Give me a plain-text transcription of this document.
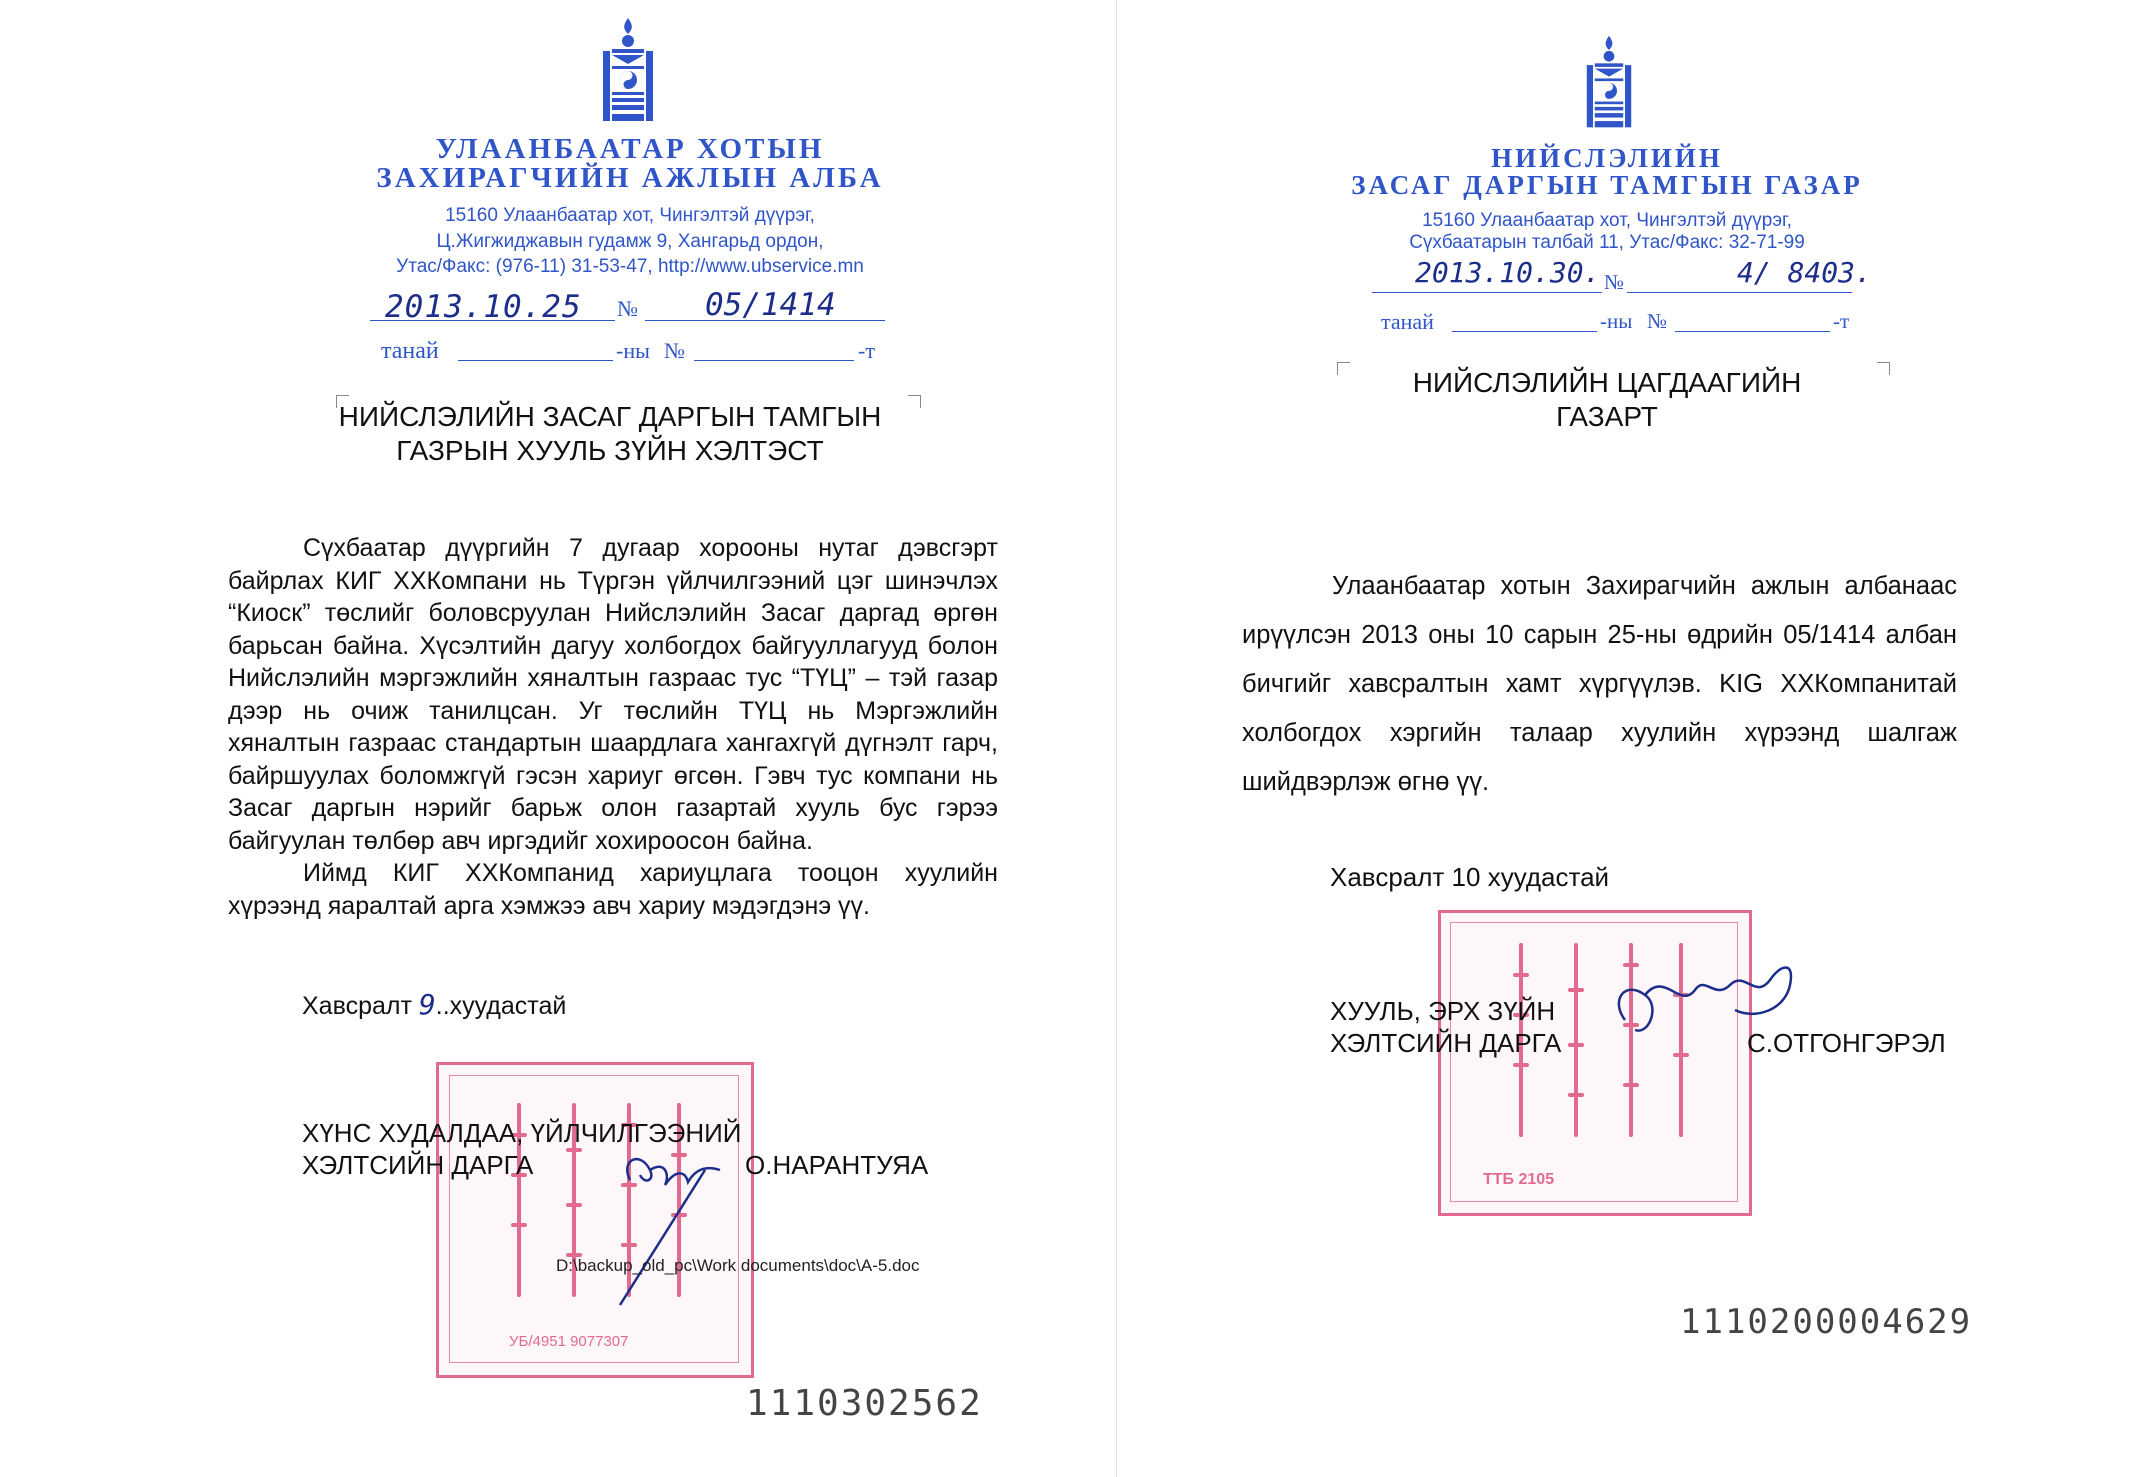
УЛААНБААТАР ХОТЫН
ЗАХИРАГЧИЙН АЖЛЫН АЛБА
15160 Улаанбаатар хот, Чингэлтэй дүүрэг,
Ц.Жигжиджавын гудамж 9, Хангарьд ордон,
Утас/Факс: (976-11) 31-53-47, http://www.ubservice.mn
2013.10.25 № 05/1414
танай	-ны №	-т
НИЙСЛЭЛИЙН ЗАСАГ ДАРГЫН ТАМГЫН
ГАЗРЫН ХУУЛЬ ЗҮЙН ХЭЛТЭСТ

Сүхбаатар дүүргийн 7 дугаар хорооны нутаг дэвсгэрт байрлах КИГ ХХКомпани нь Түргэн үйлчилгээний цэг шинэчлэх “Киоск” төслийг боловсруулан Нийслэлийн Засаг даргад өргөн барьсан байна. Хүсэлтийн дагуу холбогдох байгууллагууд болон Нийслэлийн мэргэжлийн хяналтын газраас тус “ТҮЦ” – тэй газар дээр нь очиж танилцсан. Уг төслийн ТҮЦ нь Мэргэжлийн хяналтын газраас стандартын шаардлага хангахгүй дүгнэлт гарч, байршуулах боломжгүй гэсэн хариуг өгсөн. Гэвч тус компани нь Засаг даргын нэрийг барьж олон газартай хууль бус гэрээ байгуулан төлбөр авч иргэдийг хохироосон байна.

Иймд КИГ ХХКомпанид хариуцлага тооцон хуулийн хүрээнд яаралтай арга хэмжээ авч хариу мэдэгдэнэ үү.

Хавсралт 9..хуудастай
УБ/4951 9077307
ХҮНС ХУДАЛДАА, ҮЙЛЧИЛГЭЭНИЙ
ХЭЛТСИЙН ДАРГА	О.НАРАНТУЯА
D:\backup_old_pc\Work documents\doc\A-5.doc
1110302562
НИЙСЛЭЛИЙН
ЗАСАГ ДАРГЫН ТАМГЫН ГАЗАР
15160 Улаанбаатар хот, Чингэлтэй дүүрэг,
Сүхбаатарын талбай 11, Утас/Факс: 32-71-99
2013.10.30. №	4/ 8403.
танай	-ны №	-т
НИЙСЛЭЛИЙН ЦАГДААГИЙН
ГАЗАРТ

Улаанбаатар хотын Захирагчийн ажлын албанаас ирүүлсэн 2013 оны 10 сарын 25-ны өдрийн 05/1414 албан бичгийг хавсралтын хамт хүргүүлэв. KIG ХХКомпанитай холбогдох хэргийн талаар хуулийн хүрээнд шалгаж шийдвэрлэж өгнө үү.

Хавсралт 10 хуудастай
ТТБ 2105
ХУУЛЬ, ЭРХ ЗҮЙН
ХЭЛТСИЙН ДАРГА	С.ОТГОНГЭРЭЛ
1110200004629
